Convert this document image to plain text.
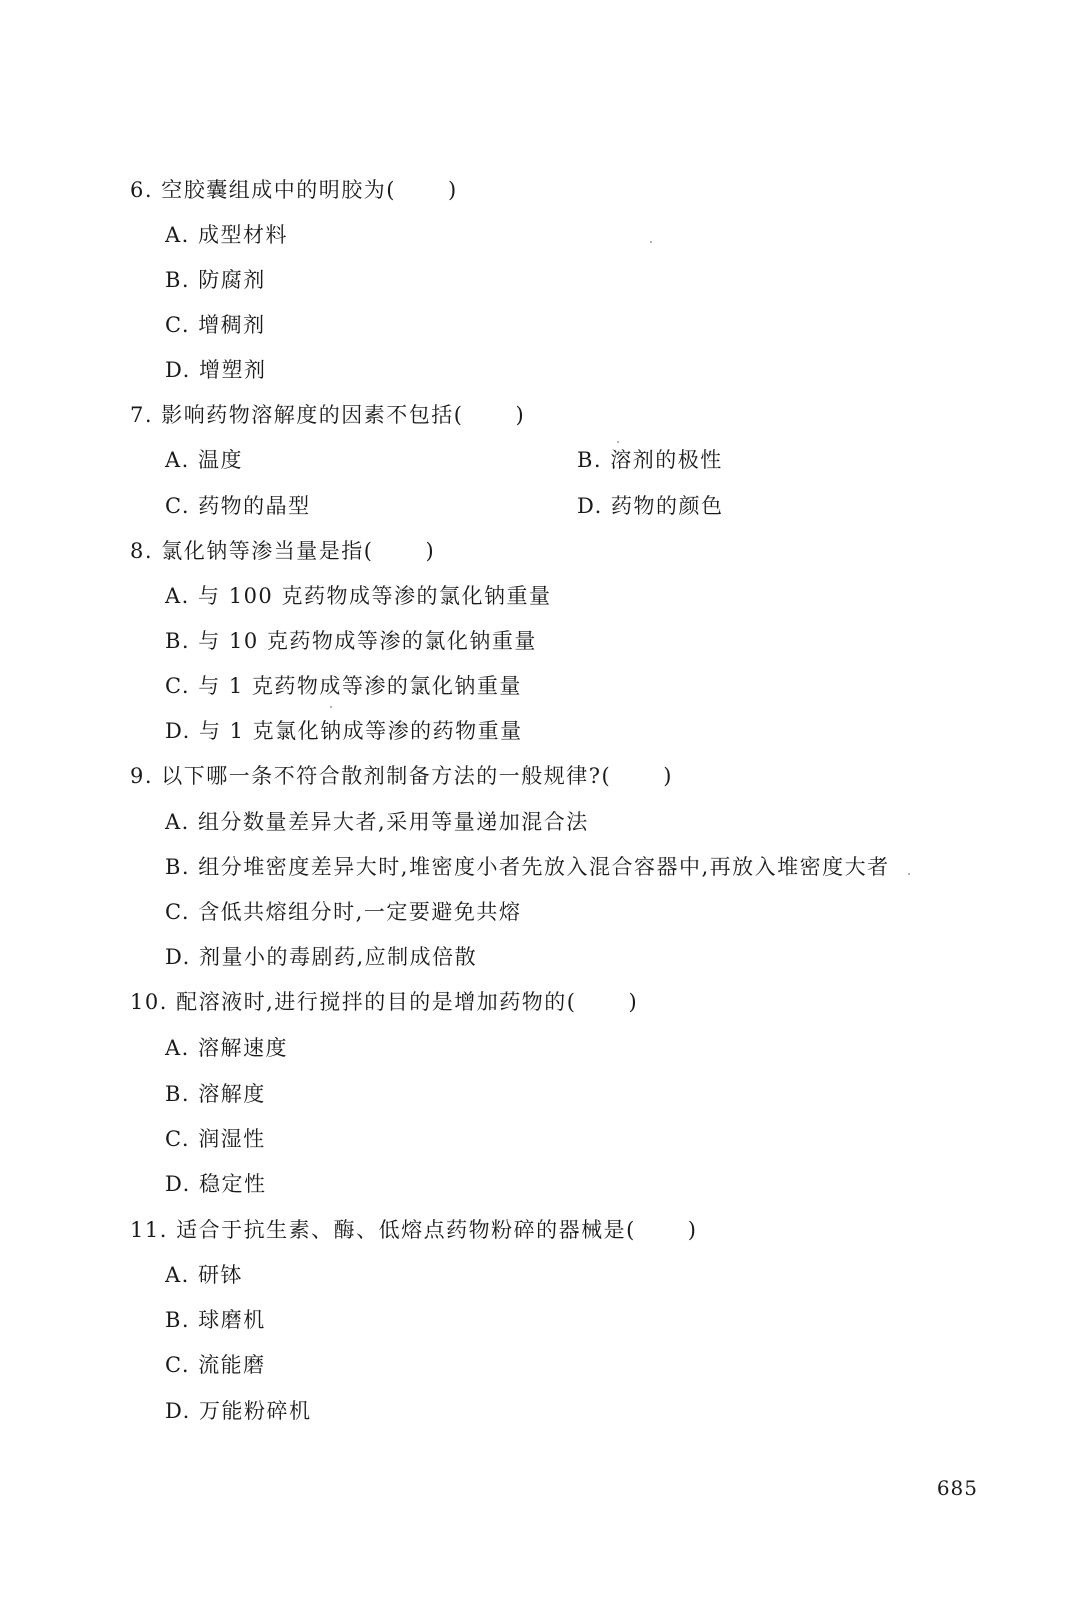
6. 空胶囊组成中的明胶为( )
A. 成型材料
B. 防腐剂
C. 增稠剂
D. 增塑剂
7. 影响药物溶解度的因素不包括( )
A. 温度	B. 溶剂的极性
C. 药物的晶型	D. 药物的颜色
8. 氯化钠等渗当量是指( )
A. 与 100 克药物成等渗的氯化钠重量
B. 与 10 克药物成等渗的氯化钠重量
C. 与 1 克药物成等渗的氯化钠重量
D. 与 1 克氯化钠成等渗的药物重量
9. 以下哪一条不符合散剂制备方法的一般规律?( )
A. 组分数量差异大者,采用等量递加混合法
B. 组分堆密度差异大时,堆密度小者先放入混合容器中,再放入堆密度大者
C. 含低共熔组分时,一定要避免共熔
D. 剂量小的毒剧药,应制成倍散
10. 配溶液时,进行搅拌的目的是增加药物的( )
A. 溶解速度
B. 溶解度
C. 润湿性
D. 稳定性
11. 适合于抗生素、酶、低熔点药物粉碎的器械是( )
A. 研钵
B. 球磨机
C. 流能磨
D. 万能粉碎机
685
